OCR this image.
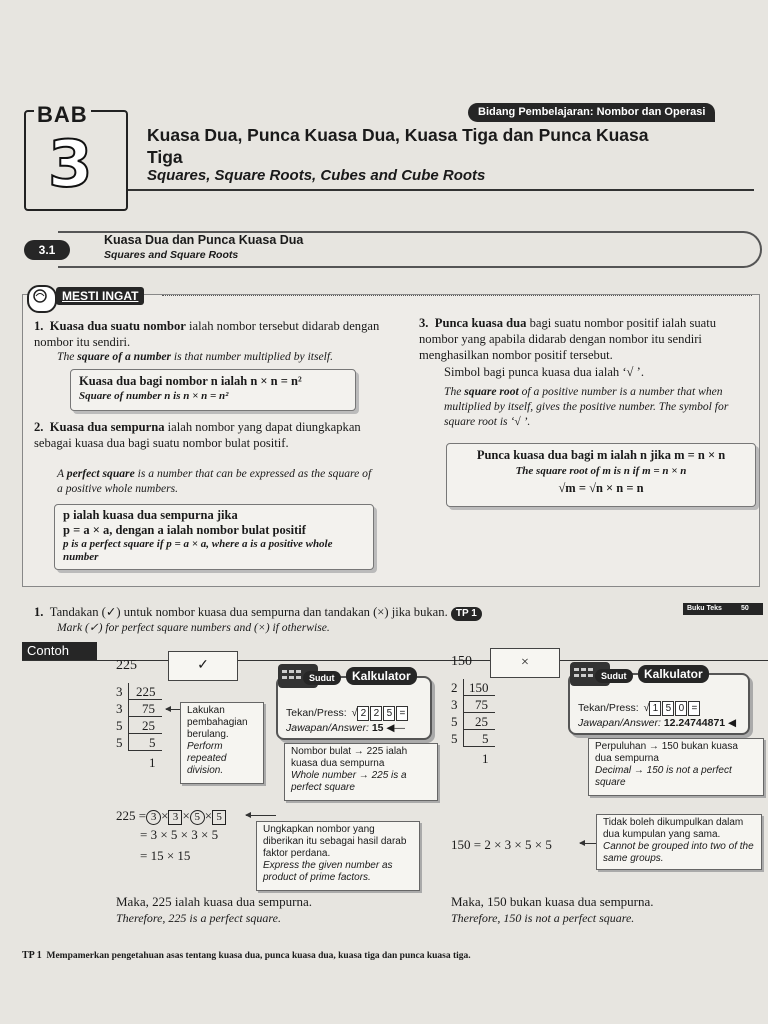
BAB
3
Bidang Pembelajaran: Nombor dan Operasi
Kuasa Dua, Punca Kuasa Dua, Kuasa Tiga dan Punca Kuasa Tiga
Squares, Square Roots, Cubes and Cube Roots
3.1
Kuasa Dua dan Punca Kuasa Dua
Squares and Square Roots
MESTI INGAT
1. Kuasa dua suatu nombor ialah nombor tersebut didarab dengan nombor itu sendiri.
The square of a number is that number multiplied by itself.
Kuasa dua bagi nombor n ialah n × n = n²
Square of number n is n × n = n²
2. Kuasa dua sempurna ialah nombor yang dapat diungkapkan sebagai kuasa dua bagi suatu nombor bulat positif.
A perfect square is a number that can be expressed as the square of a positive whole numbers.
p ialah kuasa dua sempurna jika
p = a × a, dengan a ialah nombor bulat positif
p is a perfect square if p = a × a, where a is a positive whole number
3. Punca kuasa dua bagi suatu nombor positif ialah suatu nombor yang apabila didarab dengan nombor itu sendiri menghasilkan nombor positif tersebut.
Simbol bagi punca kuasa dua ialah ‘√ ’.
The square root of a positive number is a number that when multiplied by itself, gives the positive number. The symbol for square root is ‘√ ’.
Punca kuasa dua bagi m ialah n jika m = n × n
The square root of m is n if m = n × n
√m = √n × n = n
1. Tandakan (✓) untuk nombor kuasa dua sempurna dan tandakan (×) jika bukan. TP 1
Mark (✓) for perfect square numbers and (×) if otherwise.
Buku Teks	50
Contoh
225	✓
3 225
3 75
5 25
5 5
1
Lakukan pembahagian berulang.
Perform repeated division.
Tekan/Press: √ 2 2 5 =
Jawapan/Answer: 15 ◀—
Sudut	Kalkulator
Nombor bulat → 225 ialah kuasa dua sempurna
Whole number → 225 is a perfect square
225 = 3 × 3 × 5 × 5
= 3 × 5 × 3 × 5
= 15 × 15
Ungkapkan nombor yang diberikan itu sebagai hasil darab faktor perdana.
Express the given number as product of prime factors.
Maka, 225 ialah kuasa dua sempurna.
Therefore, 225 is a perfect square.
150	×
2 150
3 75
5 25
5 5
1
Tekan/Press: √ 1 5 0 =
Jawapan/Answer: 12.24744871 ◀
Sudut	Kalkulator
Perpuluhan → 150 bukan kuasa dua sempurna
Decimal → 150 is not a perfect square
150 = 2 × 3 × 5 × 5
Tidak boleh dikumpulkan dalam dua kumpulan yang sama.
Cannot be grouped into two of the same groups.
Maka, 150 bukan kuasa dua sempurna.
Therefore, 150 is not a perfect square.
TP 1 Mempamerkan pengetahuan asas tentang kuasa dua, punca kuasa dua, kuasa tiga dan punca kuasa tiga.
